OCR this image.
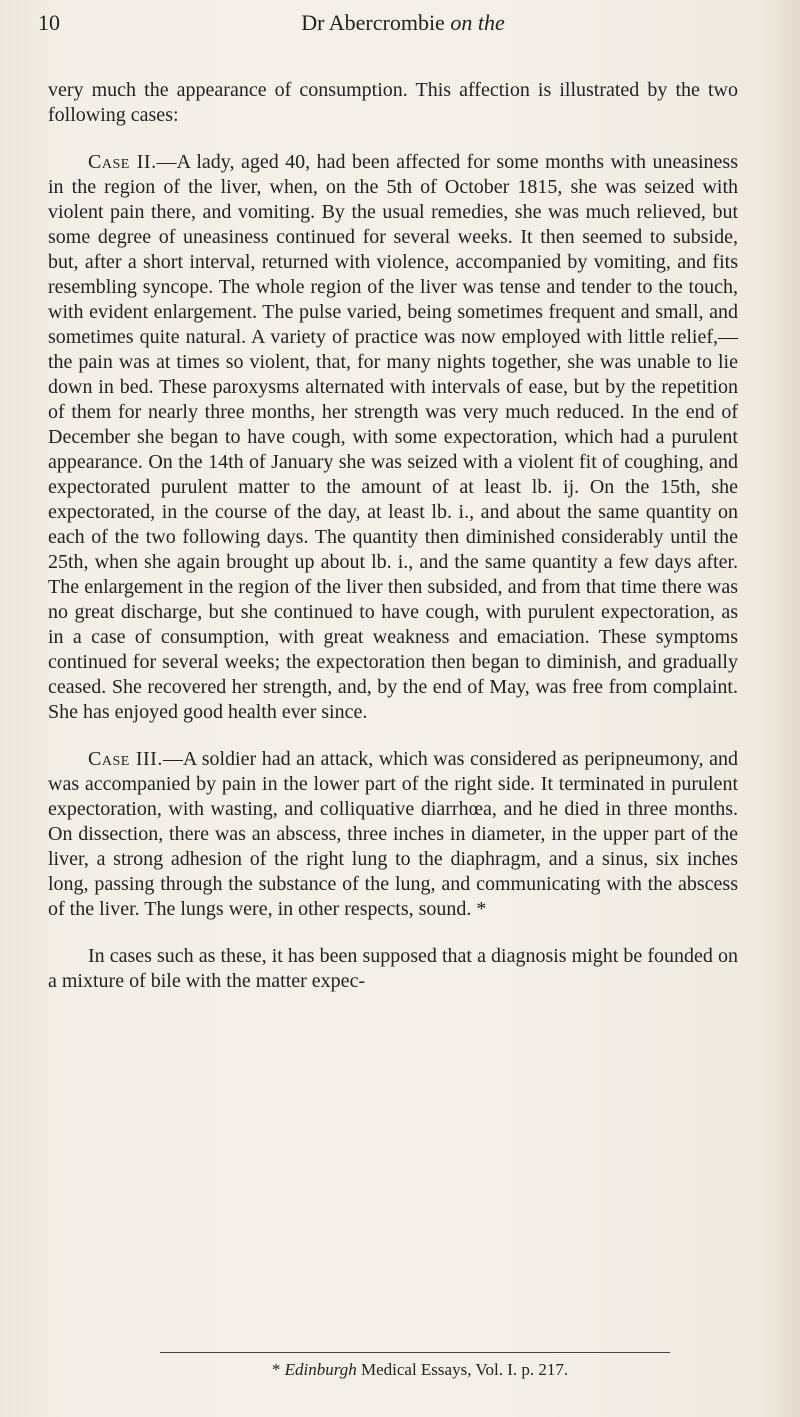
10	Dr Abercrombie on the

very much the appearance of consumption. This affection is illustrated by the two following cases:

Case II.—A lady, aged 40, had been affected for some months with uneasiness in the region of the liver, when, on the 5th of October 1815, she was seized with violent pain there, and vomiting. By the usual remedies, she was much relieved, but some degree of uneasiness continued for several weeks. It then seemed to subside, but, after a short interval, returned with violence, accompanied by vomiting, and fits resembling syncope. The whole region of the liver was tense and tender to the touch, with evident enlargement. The pulse varied, being sometimes frequent and small, and sometimes quite natural. A variety of practice was now employed with little relief,—the pain was at times so violent, that, for many nights together, she was unable to lie down in bed. These paroxysms alternated with intervals of ease, but by the repetition of them for nearly three months, her strength was very much reduced. In the end of December she began to have cough, with some expectoration, which had a purulent appearance. On the 14th of January she was seized with a violent fit of coughing, and expectorated purulent matter to the amount of at least lb. ij. On the 15th, she expectorated, in the course of the day, at least lb. i., and about the same quantity on each of the two following days. The quantity then diminished considerably until the 25th, when she again brought up about lb. i., and the same quantity a few days after. The enlargement in the region of the liver then subsided, and from that time there was no great discharge, but she continued to have cough, with purulent expectoration, as in a case of consumption, with great weakness and emaciation. These symptoms continued for several weeks; the expectoration then began to diminish, and gradually ceased. She recovered her strength, and, by the end of May, was free from complaint. She has enjoyed good health ever since.

Case III.—A soldier had an attack, which was considered as peripneumony, and was accompanied by pain in the lower part of the right side. It terminated in purulent expectoration, with wasting, and colliquative diarrhœa, and he died in three months. On dissection, there was an abscess, three inches in diameter, in the upper part of the liver, a strong adhesion of the right lung to the diaphragm, and a sinus, six inches long, passing through the substance of the lung, and communicating with the abscess of the liver. The lungs were, in other respects, sound. *

In cases such as these, it has been supposed that a diagnosis might be founded on a mixture of bile with the matter expec-

* Edinburgh Medical Essays, Vol. I. p. 217.
